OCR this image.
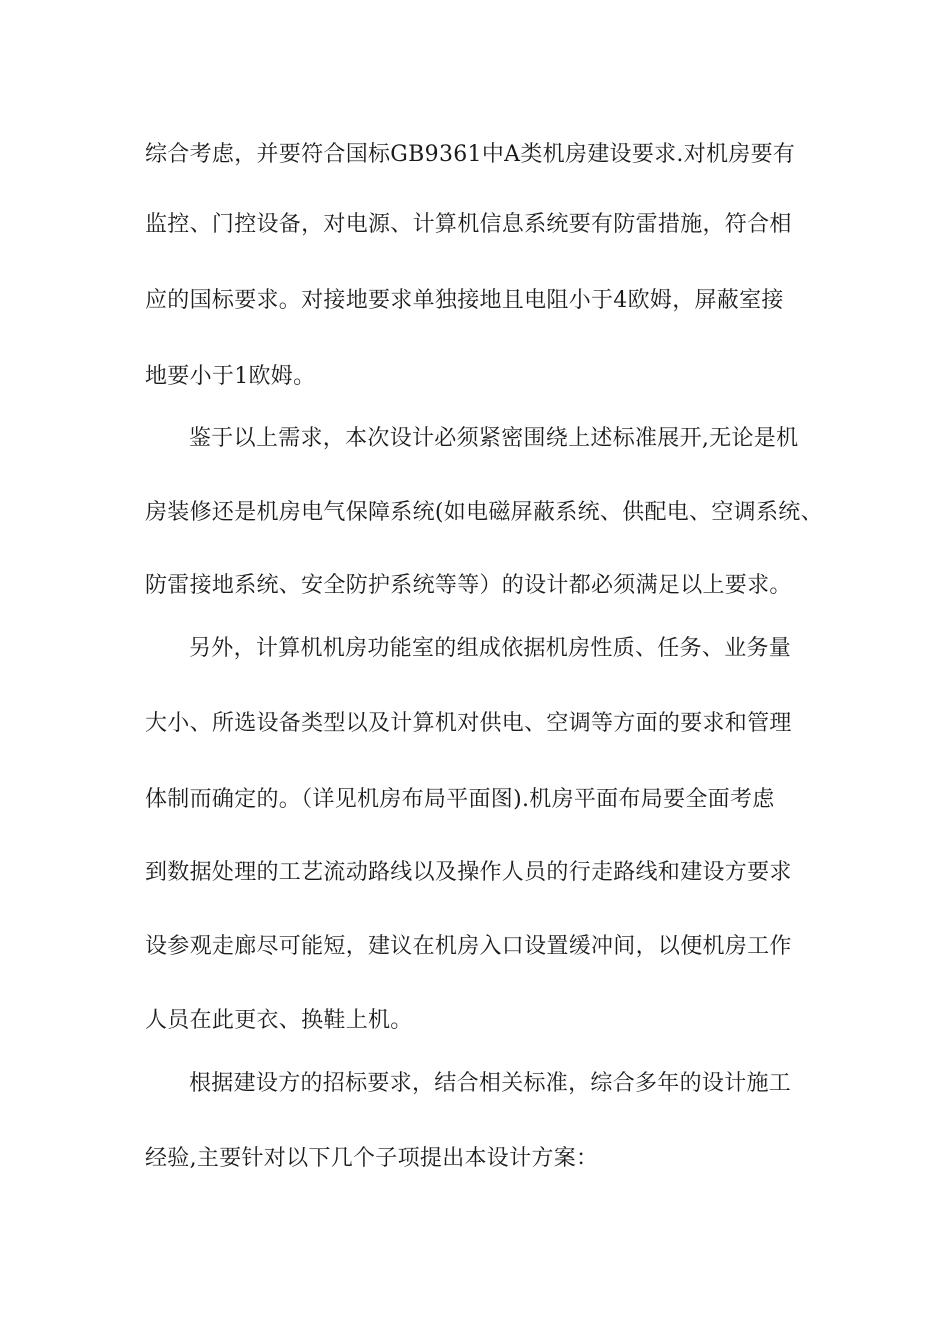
综合考虑，并要符合国标GB9361中A类机房建设要求.对机房要有
监控、门控设备，对电源、计算机信息系统要有防雷措施，符合相
应的国标要求。对接地要求单独接地且电阻小于4欧姆，屏蔽室接
地要小于1欧姆。
鉴于以上需求，本次设计必须紧密围绕上述标准展开,无论是机
房装修还是机房电气保障系统(如电磁屏蔽系统、供配电、空调系统、
防雷接地系统、安全防护系统等等）的设计都必须满足以上要求。
另外，计算机机房功能室的组成依据机房性质、任务、业务量
大小、所选设备类型以及计算机对供电、空调等方面的要求和管理
体制而确定的。（详见机房布局平面图).机房平面布局要全面考虑
到数据处理的工艺流动路线以及操作人员的行走路线和建设方要求
设参观走廊尽可能短，建议在机房入口设置缓冲间，以便机房工作
人员在此更衣、换鞋上机。
根据建设方的招标要求，结合相关标准，综合多年的设计施工
经验,主要针对以下几个子项提出本设计方案：
